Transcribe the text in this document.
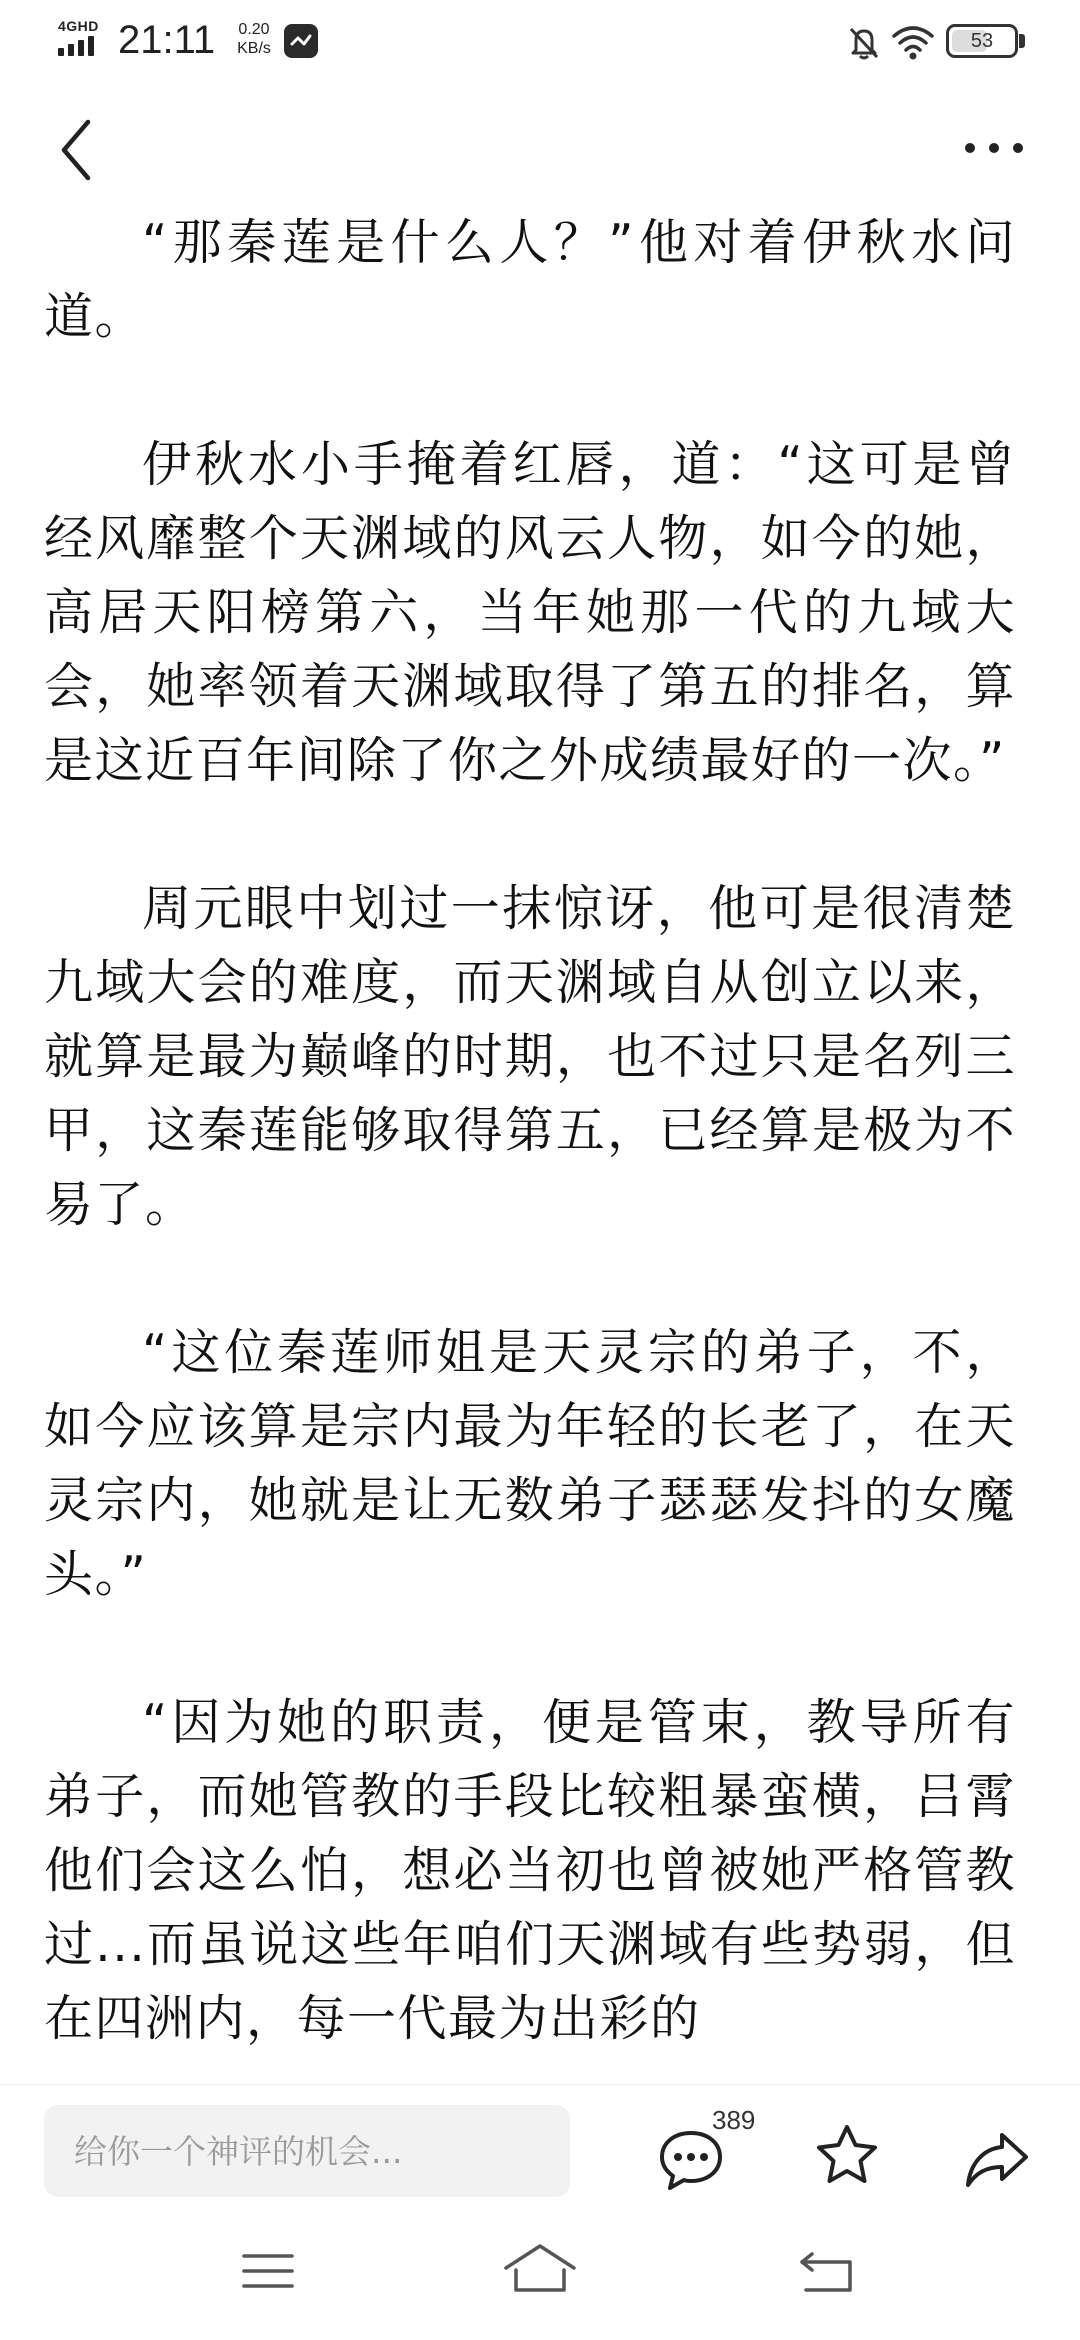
4GHD 21:11	0.20
KB/s	53

“那秦莲是什么人？”他对着伊秋水问道。

伊秋水小手掩着红唇，道：“这可是曾经风靡整个天渊域的风云人物，如今的她，高居天阳榜第六，当年她那一代的九域大会，她率领着天渊域取得了第五的排名，算是这近百年间除了你之外成绩最好的一次。”

周元眼中划过一抹惊讶，他可是很清楚九域大会的难度，而天渊域自从创立以来，就算是最为巅峰的时期，也不过只是名列三甲，这秦莲能够取得第五，已经算是极为不易了。

“这位秦莲师姐是天灵宗的弟子，不，如今应该算是宗内最为年轻的长老了，在天灵宗内，她就是让无数弟子瑟瑟发抖的女魔头。”

“因为她的职责，便是管束，教导所有弟子，而她管教的手段比较粗暴蛮横，吕霄他们会这么怕，想必当初也曾被她严格管教过...而虽说这些年咱们天渊域有些势弱，但在四洲内，每一代最为出彩的

给你一个神评的机会...
389
